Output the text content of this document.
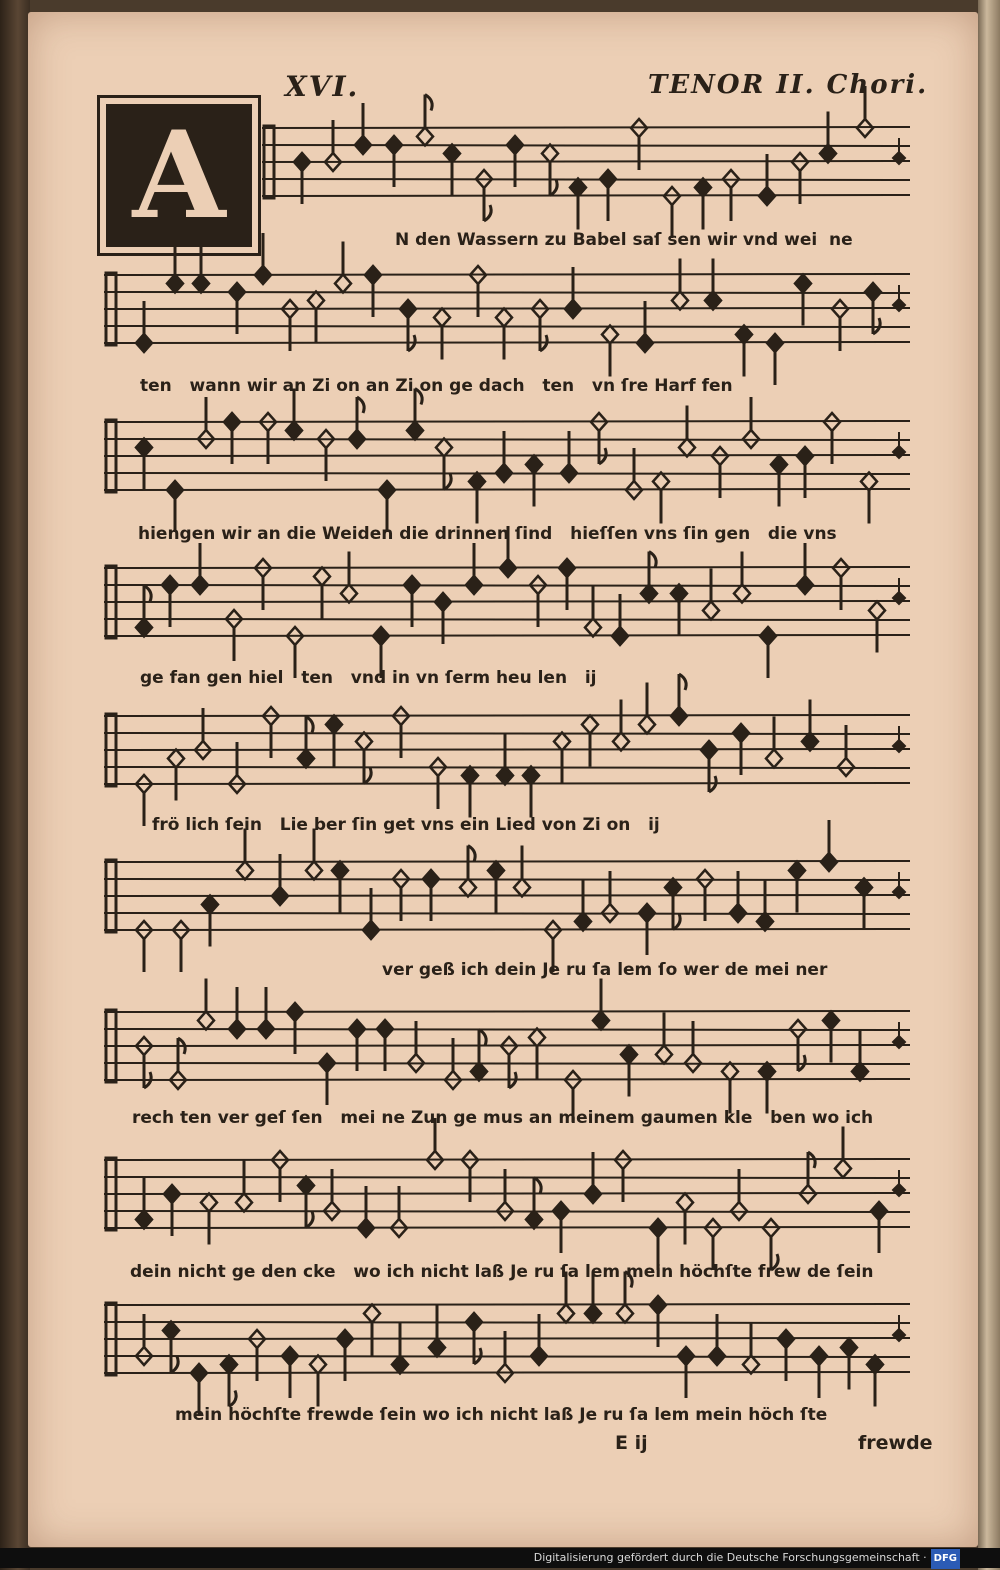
XVI.	TENOR II. Chori.
A	N den Wassern zu Babel saſ sen wir vnd wei  ne
ten   wann wir an Zi on an Zi on ge dach   ten   vn ſre Harf fen
hiengen wir an die Weiden die drinnen ſind   hieſſen vns ſin gen   die vns
ge fan gen hiel   ten   vnd in vn ſerm heu len   ij
frö lich ſein   Lie ber ſin get vns ein Lied von Zi on   ij
ver geß ich dein Je ru ſa lem ſo wer de mei ner
rech ten ver geſ ſen   mei ne Zun ge mus an meinem gaumen kle   ben wo ich
dein nicht ge den cke   wo ich nicht laß Je ru ſa lem mein höchſte frew de ſein
mein höchſte frewde ſein wo ich nicht laß Je ru ſa lem mein höch ſte
E ij	frewde
Digitalisierung gefördert durch die Deutsche Forschungsgemeinschaft · DFG
